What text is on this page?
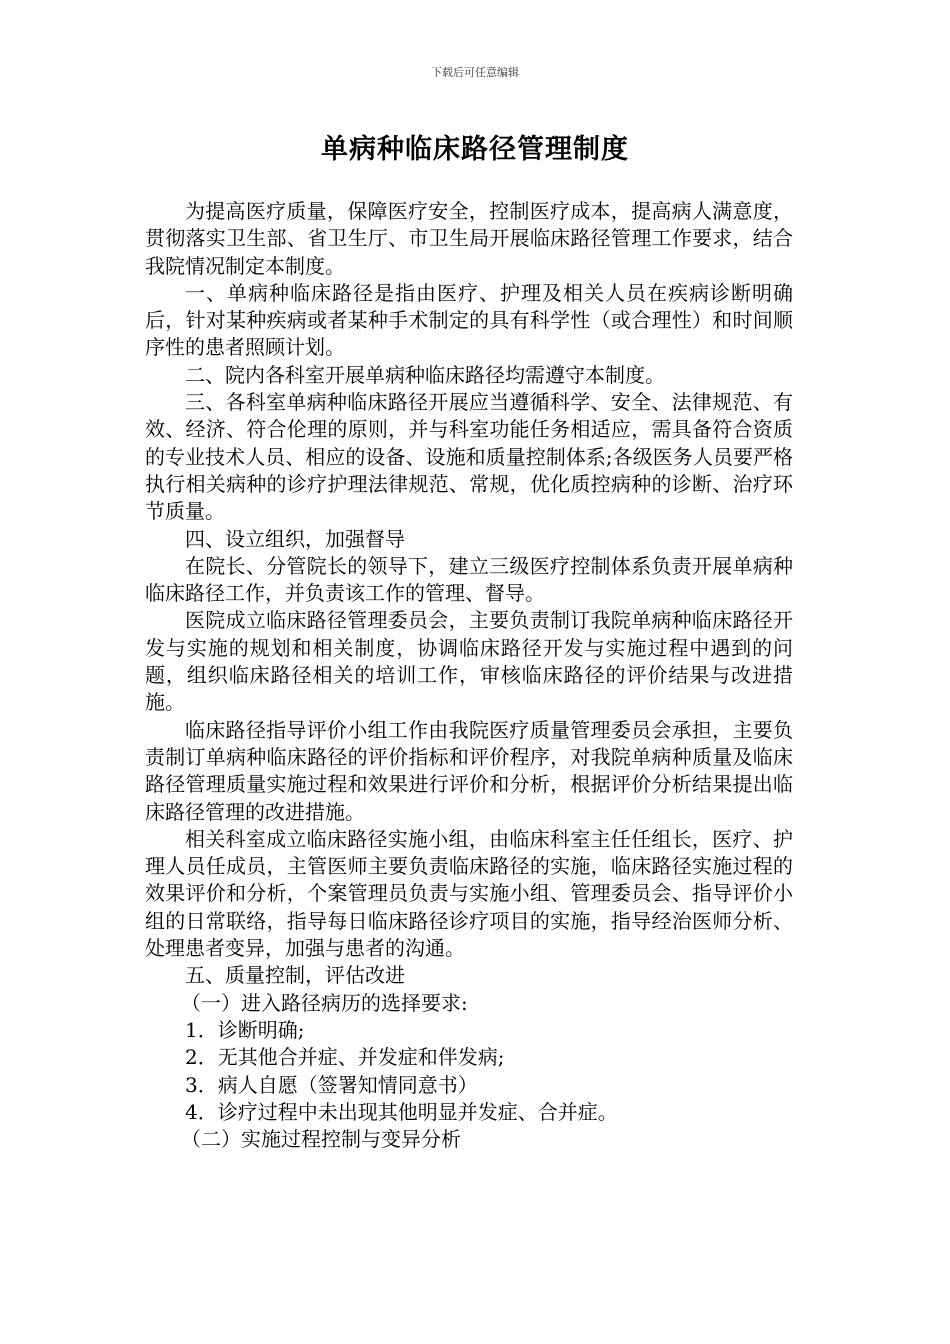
下载后可任意编辑
单病种临床路径管理制度

为提高医疗质量，保障医疗安全，控制医疗成本，提高病人满意度，贯彻落实卫生部、省卫生厅、市卫生局开展临床路径管理工作要求，结合我院情况制定本制度。

一、单病种临床路径是指由医疗、护理及相关人员在疾病诊断明确后，针对某种疾病或者某种手术制定的具有科学性（或合理性）和时间顺序性的患者照顾计划。

二、院内各科室开展单病种临床路径均需遵守本制度。

三、各科室单病种临床路径开展应当遵循科学、安全、法律规范、有效、经济、符合伦理的原则，并与科室功能任务相适应，需具备符合资质的专业技术人员、相应的设备、设施和质量控制体系;各级医务人员要严格执行相关病种的诊疗护理法律规范、常规，优化质控病种的诊断、治疗环节质量。

四、设立组织，加强督导

在院长、分管院长的领导下，建立三级医疗控制体系负责开展单病种临床路径工作，并负责该工作的管理、督导。

医院成立临床路径管理委员会，主要负责制订我院单病种临床路径开发与实施的规划和相关制度，协调临床路径开发与实施过程中遇到的问题，组织临床路径相关的培训工作，审核临床路径的评价结果与改进措施。

临床路径指导评价小组工作由我院医疗质量管理委员会承担，主要负责制订单病种临床路径的评价指标和评价程序，对我院单病种质量及临床路径管理质量实施过程和效果进行评价和分析，根据评价分析结果提出临床路径管理的改进措施。

相关科室成立临床路径实施小组，由临床科室主任任组长，医疗、护理人员任成员，主管医师主要负责临床路径的实施，临床路径实施过程的效果评价和分析，个案管理员负责与实施小组、管理委员会、指导评价小组的日常联络，指导每日临床路径诊疗项目的实施，指导经治医师分析、处理患者变异，加强与患者的沟通。

五、质量控制，评估改进

（一）进入路径病历的选择要求:

1．诊断明确;

2．无其他合并症、并发症和伴发病;

3．病人自愿（签署知情同意书）

4．诊疗过程中未出现其他明显并发症、合并症。

（二）实施过程控制与变异分析
